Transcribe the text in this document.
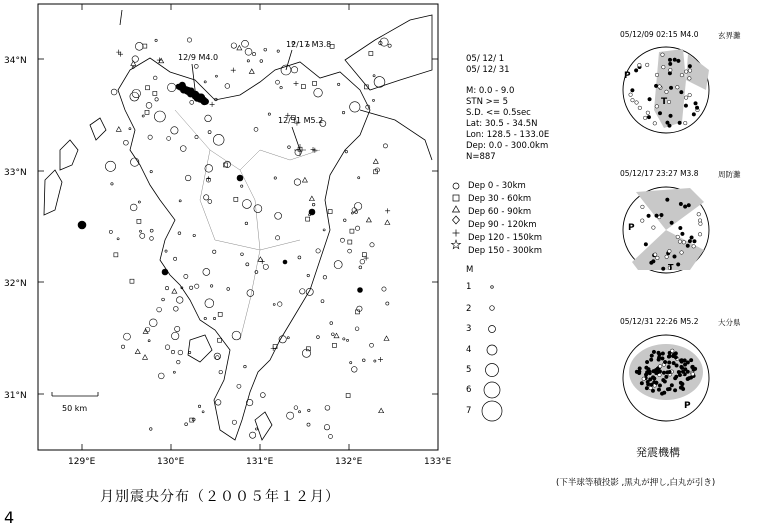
34°N
33°N
32°N
31°N
129°E	130°E	131°E	132°E	133°E
50 km
12/9 M4.0
12/17 M3.8
12/31 M5.2
05/ 12/ 1
05/ 12/ 31
M: 0.0 - 9.0
STN >= 5
S.D. <= 0.5sec
Lat: 30.5 - 34.5N
Lon: 128.5 - 133.0E
Dep: 0.0 - 300.0km
N=887
Dep 0 - 30km
Dep 30 - 60km
Dep 60 - 90km
Dep 90 - 120km
Dep 120 - 150km
Dep 150 - 300km
M
1
2
3
4
5
6
7
05/12/09 02:15 M4.0	玄界灘
P
T
05/12/17 23:27 M3.8	周防灘
P
T
05/12/31 22:26 M5.2	大分県
P
発震機構
(下半球等積投影 ,黒丸が押し,白丸が引き)
月別震央分布（２００５年１２月）
4
